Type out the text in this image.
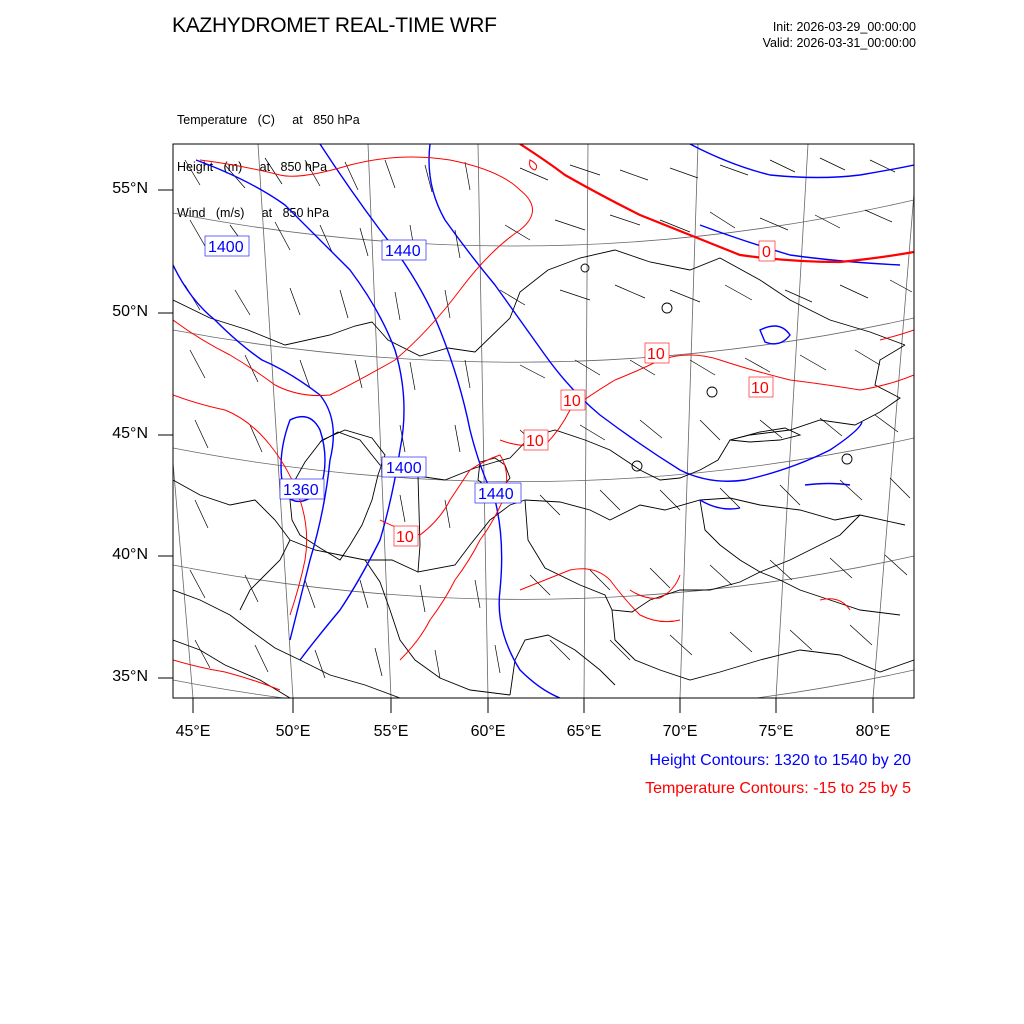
KAZHYDROMET REAL-TIME WRF	Init: 2026-03-29_00:00:00
Valid: 2026-03-31_00:00:00

Temperature   (C)     at   850 hPa

Height   (m)     at   850 hPa

Wind   (m/s)     at   850 hPa

1400	1440
1400
1360	1440
0
10
10
10
10
10
55°N
50°N
45°N
40°N
35°N
45°E	50°E	55°E	60°E	65°E	70°E	75°E	80°E
Height Contours: 1320 to 1540 by 20
Temperature Contours: -15 to 25 by 5
